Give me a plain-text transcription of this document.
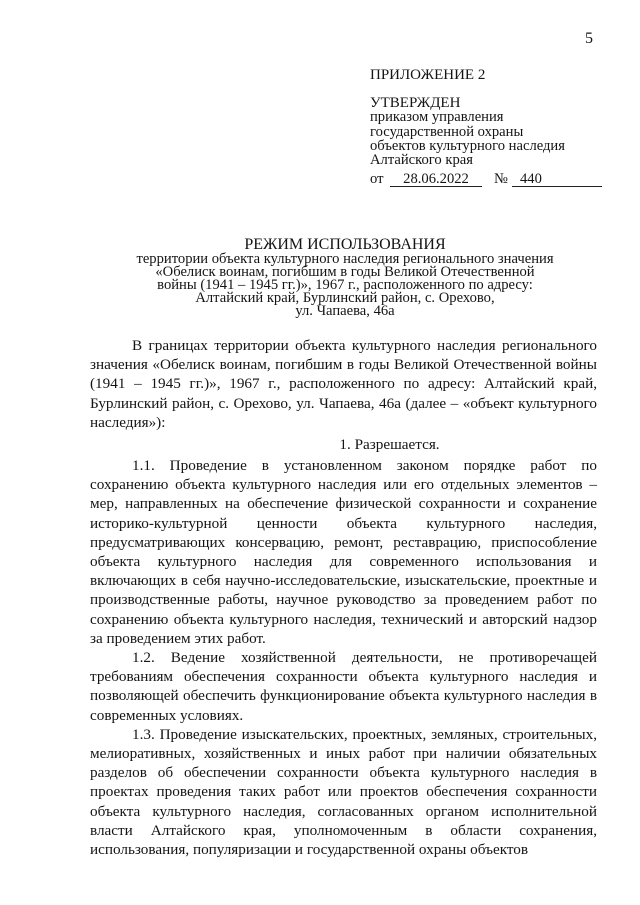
5
ПРИЛОЖЕНИЕ 2
УТВЕРЖДЕН
приказом управления
государственной охраны
объектов культурного наследия
Алтайского края
от	28.06.2022	№ 440
РЕЖИМ ИСПОЛЬЗОВАНИЯ
территории объекта культурного наследия регионального значения
«Обелиск воинам, погибшим в годы Великой Отечественной
войны (1941 – 1945 гг.)», 1967 г., расположенного по адресу:
Алтайский край, Бурлинский район, с. Орехово,
ул. Чапаева, 46а

В границах территории объекта культурного наследия регионального значения «Обелиск воинам, погибшим в годы Великой Отечественной войны (1941 – 1945 гг.)», 1967 г., расположенного по адресу: Алтайский край, Бурлинский район, с. Орехово, ул. Чапаева, 46а (далее – «объект культурного наследия»):

1. Разрешается.

1.1. Проведение в установленном законом порядке работ по сохранению объекта культурного наследия или его отдельных элементов – мер, направленных на обеспечение физической сохранности и сохранение историко-культурной ценности объекта культурного наследия, предусматривающих консервацию, ремонт, реставрацию, приспособление объекта культурного наследия для современного использования и включающих в себя научно-исследовательские, изыскательские, проектные и производственные работы, научное руководство за проведением работ по сохранению объекта культурного наследия, технический и авторский надзор за проведением этих работ.

1.2. Ведение хозяйственной деятельности, не противоречащей требованиям обеспечения сохранности объекта культурного наследия и позволяющей обеспечить функционирование объекта культурного наследия в современных условиях.

1.3. Проведение изыскательских, проектных, земляных, строительных, мелиоративных, хозяйственных и иных работ при наличии обязательных разделов об обеспечении сохранности объекта культурного наследия в проектах проведения таких работ или проектов обеспечения сохранности объекта культурного наследия, согласованных органом исполнительной власти Алтайского края, уполномоченным в области сохранения, использования, популяризации и государственной охраны объектов
